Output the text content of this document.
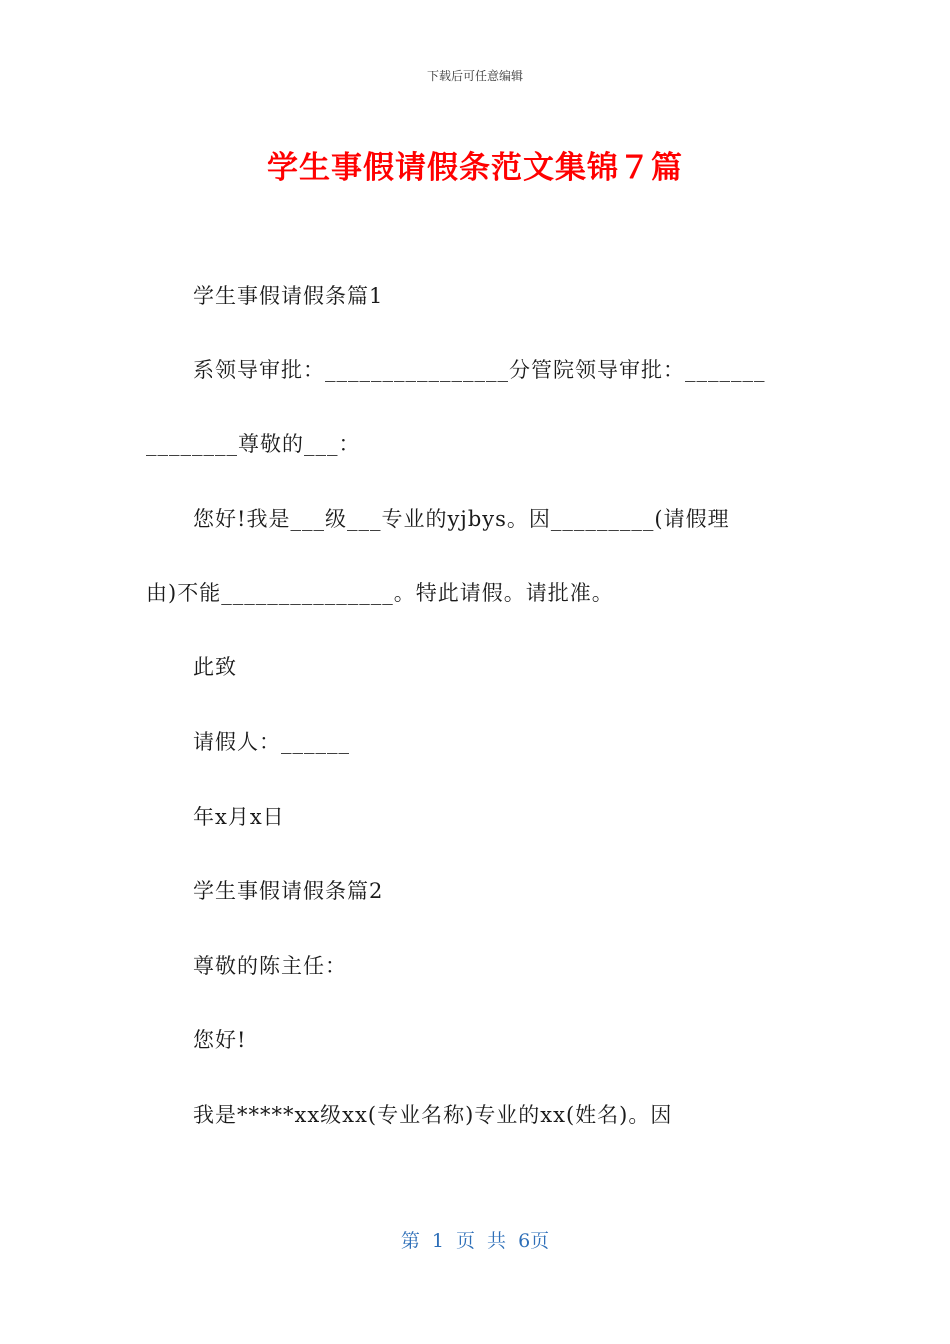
下载后可任意编辑
学生事假请假条范文集锦７篇
学生事假请假条篇1
系领导审批：________________分管院领导审批：_______
________尊敬的___：
您好!我是___级___专业的yjbys。因_________(请假理
由)不能_______________。特此请假。请批准。
此致
请假人：______
年x月x日
学生事假请假条篇2
尊敬的陈主任：
您好!
我是*****xx级xx(专业名称)专业的xx(姓名)。因
第 1 页 共 6页
